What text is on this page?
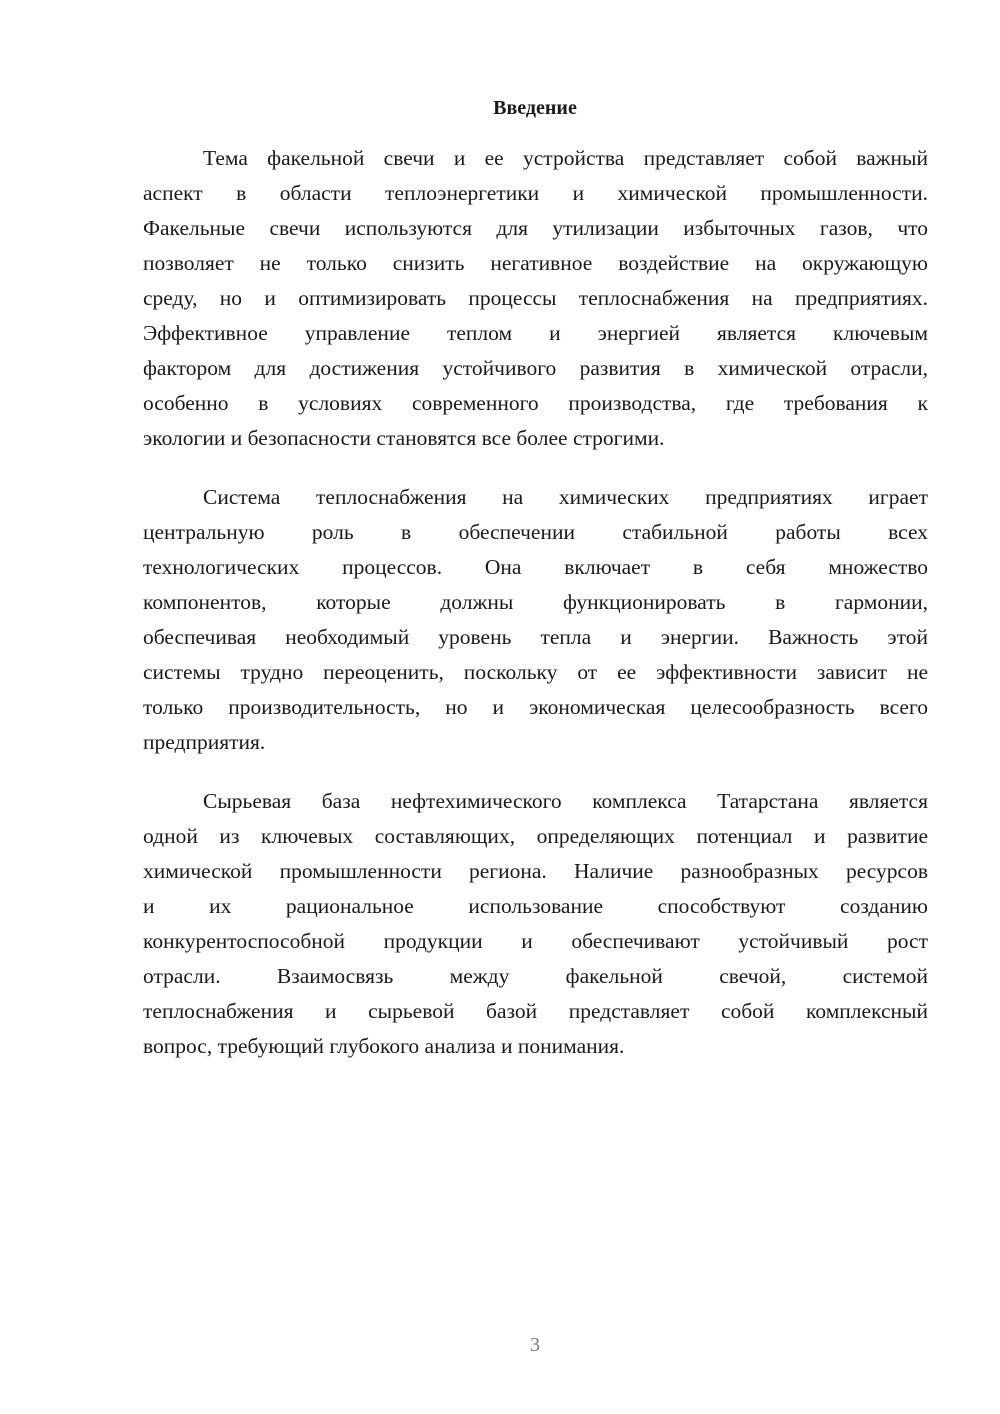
Введение
Тема факельной свечи и ее устройства представляет собой важный
аспект в области теплоэнергетики и химической промышленности.
Факельные свечи используются для утилизации избыточных газов, что
позволяет не только снизить негативное воздействие на окружающую
среду, но и оптимизировать процессы теплоснабжения на предприятиях.
Эффективное управление теплом и энергией является ключевым
фактором для достижения устойчивого развития в химической отрасли,
особенно в условиях современного производства, где требования к
экологии и безопасности становятся все более строгими.
Система теплоснабжения на химических предприятиях играет
центральную роль в обеспечении стабильной работы всех
технологических процессов. Она включает в себя множество
компонентов, которые должны функционировать в гармонии,
обеспечивая необходимый уровень тепла и энергии. Важность этой
системы трудно переоценить, поскольку от ее эффективности зависит не
только производительность, но и экономическая целесообразность всего
предприятия.
Сырьевая база нефтехимического комплекса Татарстана является
одной из ключевых составляющих, определяющих потенциал и развитие
химической промышленности региона. Наличие разнообразных ресурсов
и их рациональное использование способствуют созданию
конкурентоспособной продукции и обеспечивают устойчивый рост
отрасли. Взаимосвязь между факельной свечой, системой
теплоснабжения и сырьевой базой представляет собой комплексный
вопрос, требующий глубокого анализа и понимания.
3
